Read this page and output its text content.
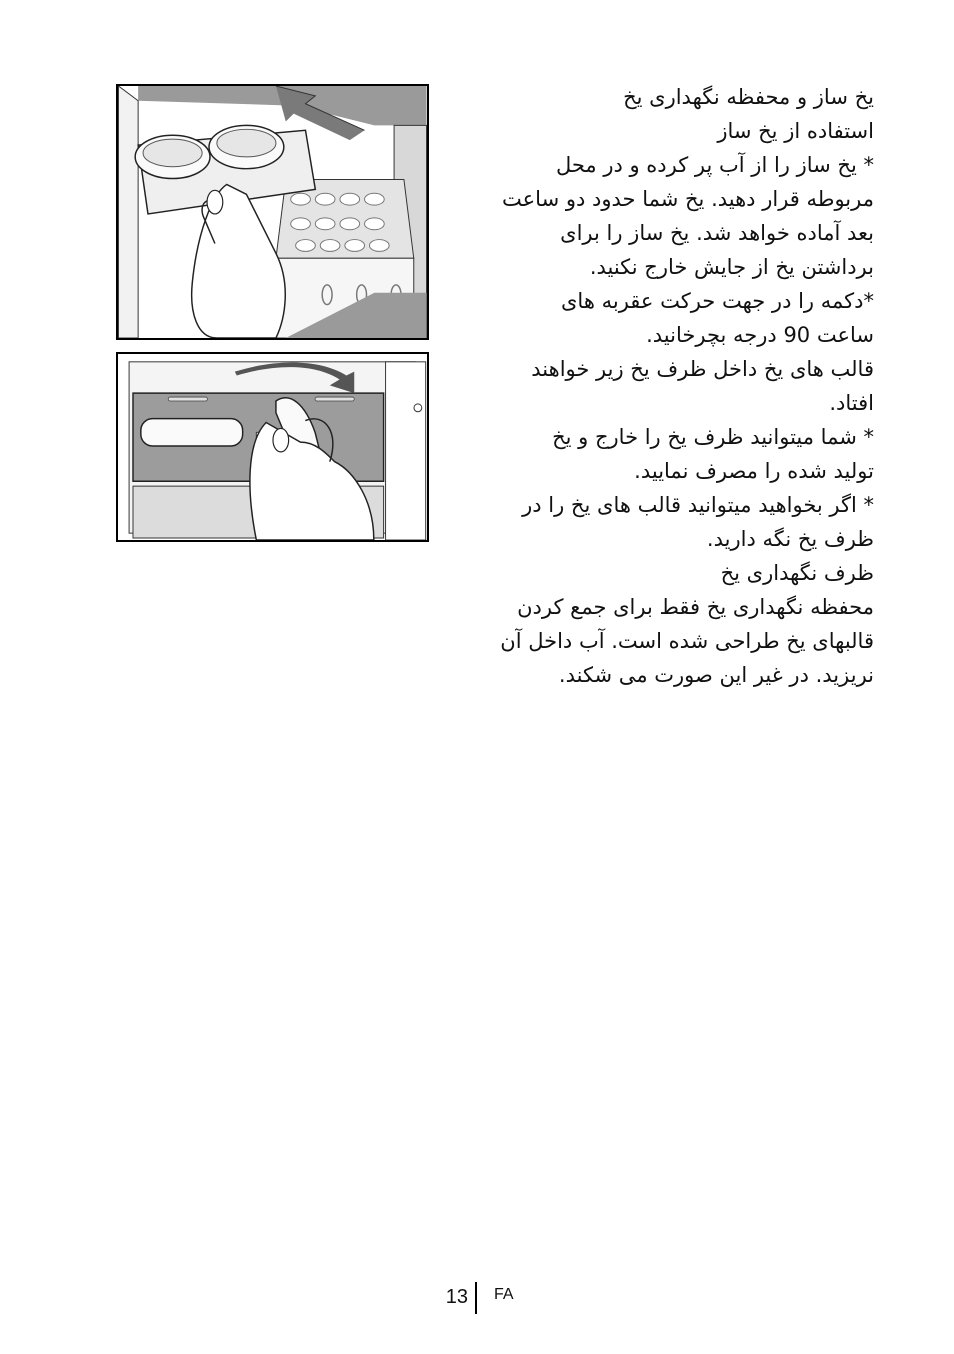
یخ ساز و محفظه نگهداری یخ

استفاده از یخ ساز

* یخ ساز را از آب پر کرده و در محل

مربوطه قرار دهید. یخ شما حدود دو ساعت

بعد آماده خواهد شد. یخ ساز را برای

برداشتن یخ از جایش خارج نکنید.

*دکمه را در جهت حرکت عقربه های

ساعت 90 درجه بچرخانید.

قالب های یخ داخل ظرف یخ زیر خواهند

افتاد.

* شما میتوانید ظرف یخ را خارج و یخ

تولید شده را مصرف نمایید.

* اگر بخواهید میتوانید قالب های یخ را در

ظرف یخ نگه دارید.

ظرف نگهداری یخ

محفظه نگهداری یخ فقط برای جمع کردن

قالبهای یخ طراحی شده است. آب داخل آن

نریزید. در غیر این صورت می شکند.

13 FA
